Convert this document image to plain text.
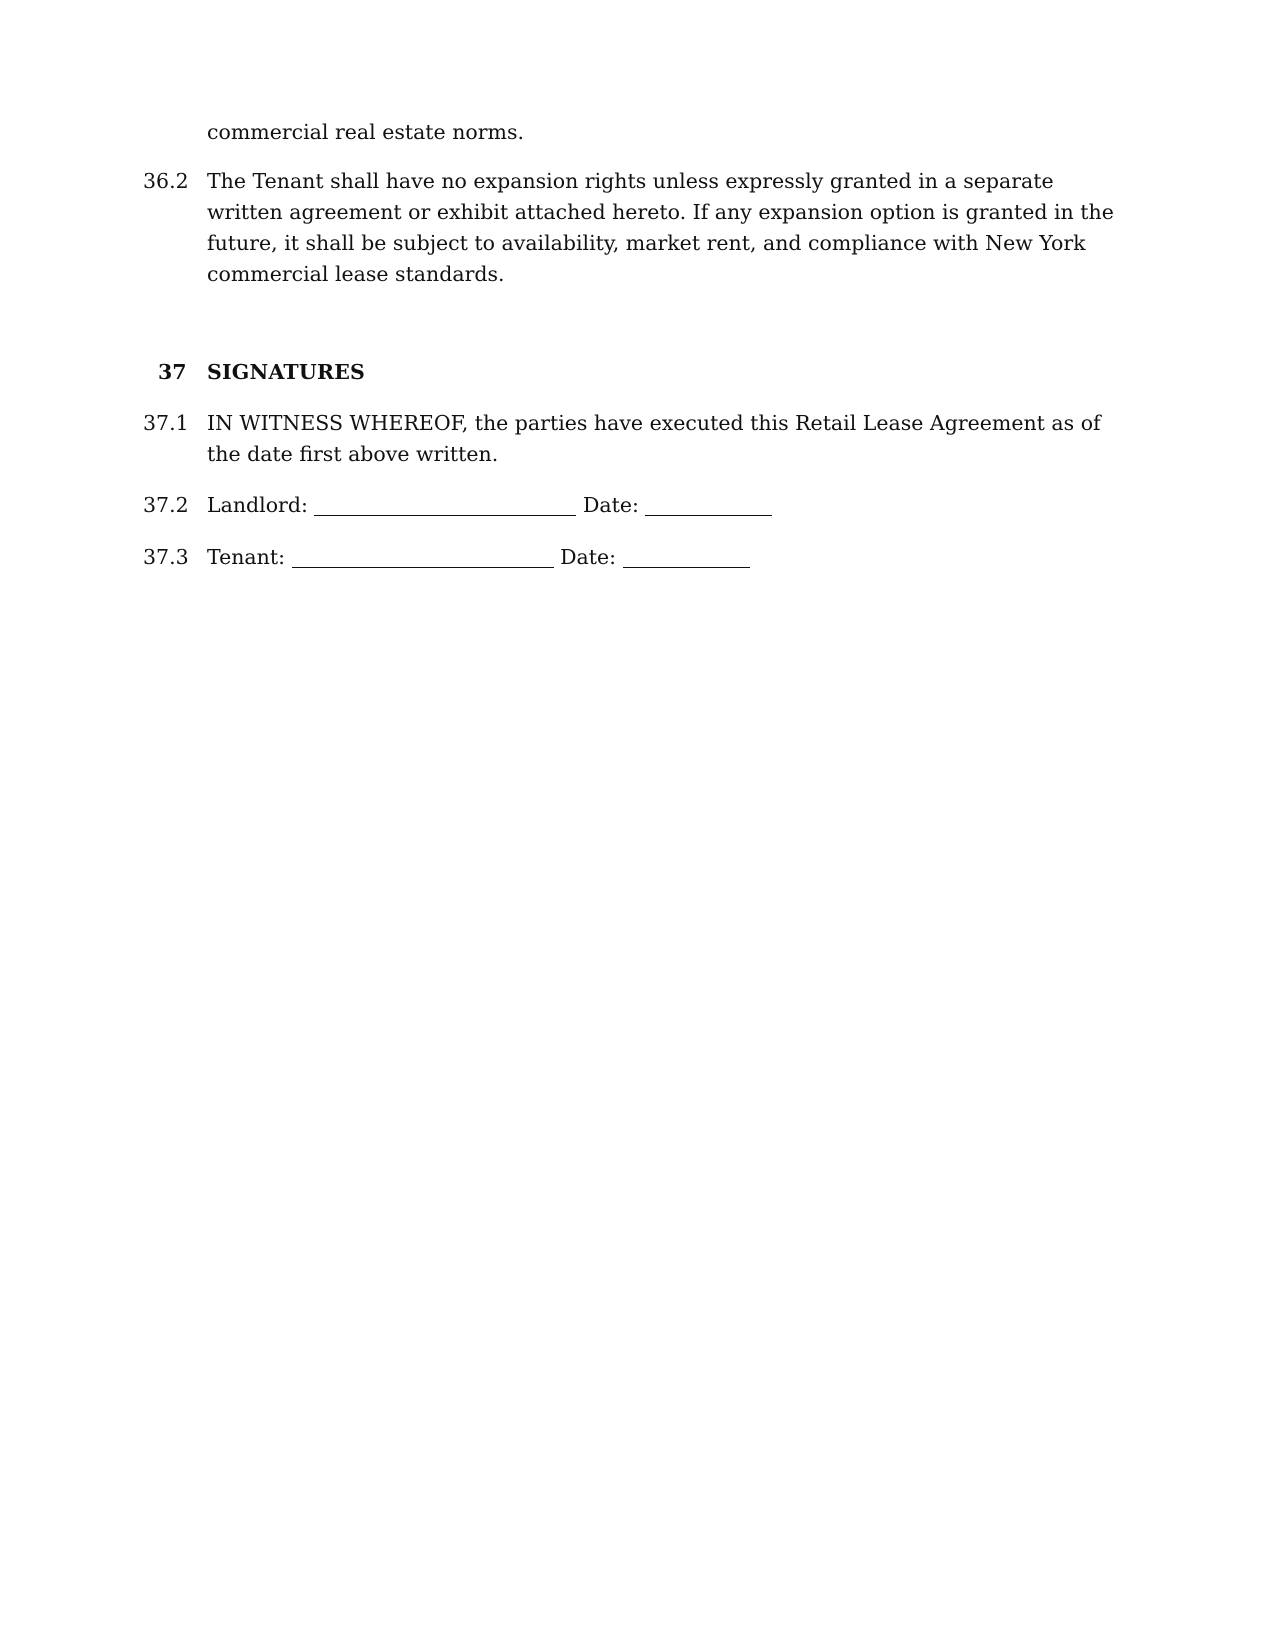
commercial real estate norms.
36.2 The Tenant shall have no expansion rights unless expressly granted in a separate written agreement or exhibit attached hereto. If any expansion option is granted in the future, it shall be subject to availability, market rent, and compliance with New York commercial lease standards.
37 SIGNATURES
37.1 IN WITNESS WHEREOF, the parties have executed this Retail Lease Agreement as of the date first above written.
37.2 Landlord:	Date:
37.3 Tenant:	Date:
